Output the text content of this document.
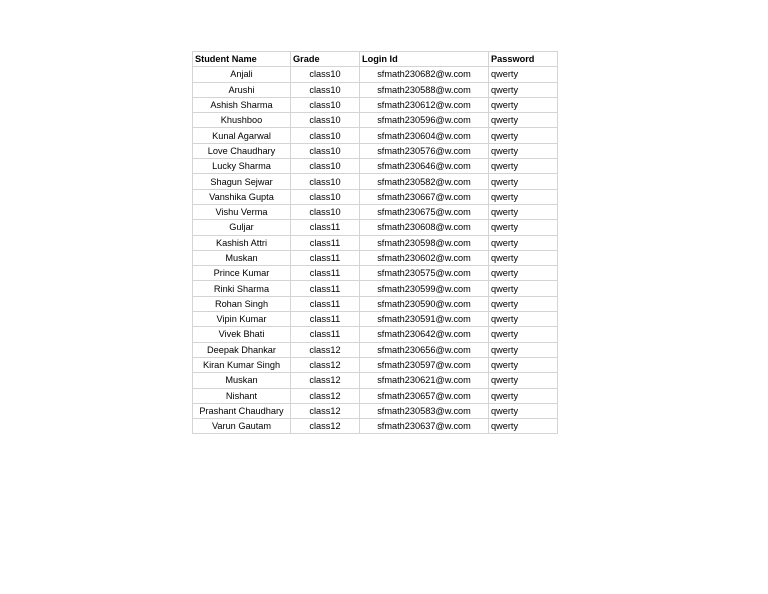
Student Name	Grade	Login Id	Password
Anjali	class10	sfmath230682@w.com	qwerty
Arushi	class10	sfmath230588@w.com	qwerty
Ashish Sharma	class10	sfmath230612@w.com	qwerty
Khushboo	class10	sfmath230596@w.com	qwerty
Kunal Agarwal	class10	sfmath230604@w.com	qwerty
Love Chaudhary	class10	sfmath230576@w.com	qwerty
Lucky Sharma	class10	sfmath230646@w.com	qwerty
Shagun Sejwar	class10	sfmath230582@w.com	qwerty
Vanshika Gupta	class10	sfmath230667@w.com	qwerty
Vishu Verma	class10	sfmath230675@w.com	qwerty
Guljar	class11	sfmath230608@w.com	qwerty
Kashish Attri	class11	sfmath230598@w.com	qwerty
Muskan	class11	sfmath230602@w.com	qwerty
Prince Kumar	class11	sfmath230575@w.com	qwerty
Rinki Sharma	class11	sfmath230599@w.com	qwerty
Rohan Singh	class11	sfmath230590@w.com	qwerty
Vipin Kumar	class11	sfmath230591@w.com	qwerty
Vivek Bhati	class11	sfmath230642@w.com	qwerty
Deepak Dhankar	class12	sfmath230656@w.com	qwerty
Kiran Kumar Singh	class12	sfmath230597@w.com	qwerty
Muskan	class12	sfmath230621@w.com	qwerty
Nishant	class12	sfmath230657@w.com	qwerty
Prashant Chaudhary	class12	sfmath230583@w.com	qwerty
Varun Gautam	class12	sfmath230637@w.com	qwerty
